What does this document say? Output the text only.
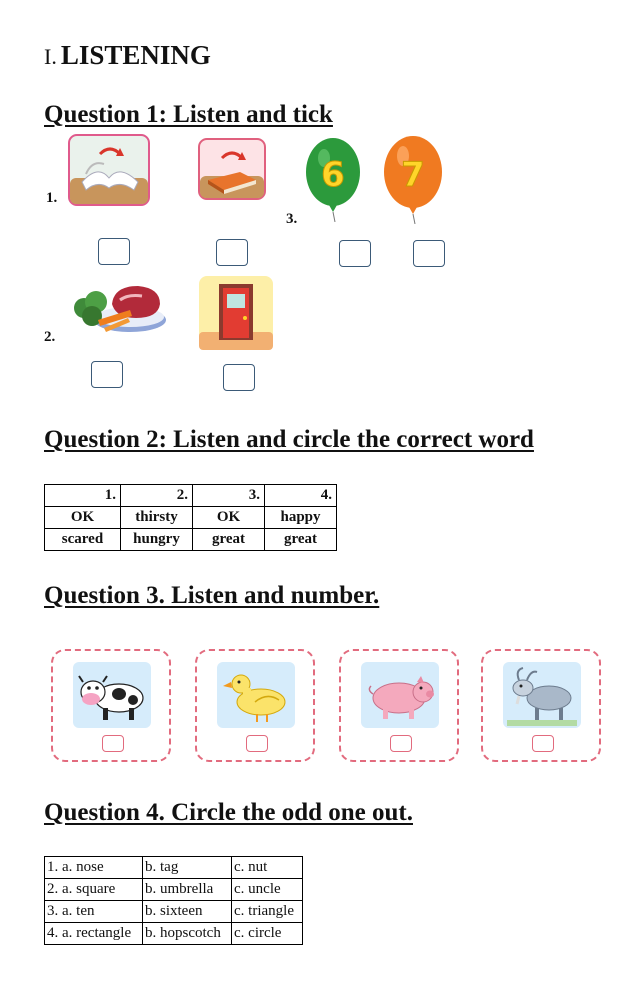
I. LISTENING
Question 1: Listen and tick
1.
3.
2.
6 7
Question 2: Listen and circle the correct word
1.	2.	3.	4.
OK	thirsty	OK	happy
scared	hungry	great	great
Question 3. Listen and number.
Question 4. Circle the odd one out.
1. a. nose	b. tag	c. nut
2. a. square	b. umbrella	c. uncle
3. a. ten	b. sixteen	c. triangle
4. a. rectangle	b. hopscotch	c. circle
